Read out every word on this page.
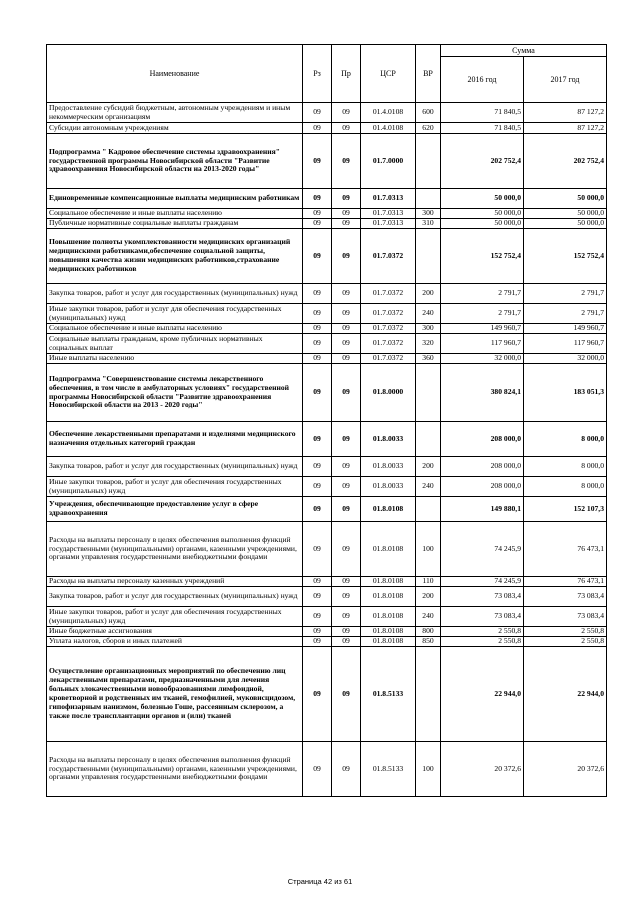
Наименование	Рз	Пр	ЦСР	ВР	Сумма	
					2016 год	2017 год
Предоставление субсидий бюджетным, автономным учреждениям и иным некоммерческим организациям	09	09	01.4.0108	600	71 840,5	87 127,2
Субсидии автономным учреждениям	09	09	01.4.0108	620	71 840,5	87 127,2
Подпрограмма " Кадровое обеспечение системы здравоохранения" государственной программы Новосибирской области "Развитие здравоохранения Новосибирской области на 2013-2020 годы"	09	09	01.7.0000		202 752,4	202 752,4
Единовременные компенсационные выплаты медицинским работникам	09	09	01.7.0313		50 000,0	50 000,0
Социальное обеспечение и иные выплаты населению	09	09	01.7.0313	300	50 000,0	50 000,0
Публичные нормативные социальные выплаты гражданам	09	09	01.7.0313	310	50 000,0	50 000,0
Повышение полноты укомплектованности медицинских организаций медицинскими работниками,обеспечение социальной защиты, повышения качества жизни медицинских работников,страхование медицинских работников	09	09	01.7.0372		152 752,4	152 752,4
Закупка товаров, работ и услуг для государственных (муниципальных) нужд	09	09	01.7.0372	200	2 791,7	2 791,7
Иные закупки товаров, работ и услуг для обеспечения государственных (муниципальных) нужд	09	09	01.7.0372	240	2 791,7	2 791,7
Социальное обеспечение и иные выплаты населению	09	09	01.7.0372	300	149 960,7	149 960,7
Социальные выплаты гражданам, кроме публичных нормативных социальных выплат	09	09	01.7.0372	320	117 960,7	117 960,7
Иные выплаты населению	09	09	01.7.0372	360	32 000,0	32 000,0
Подпрограмма "Совершенствование системы лекарственного обеспечения, в том числе в амбулаторных условиях" государственной программы Новосибирской области "Развитие здравоохранения Новосибирской области на 2013 - 2020 годы"	09	09	01.8.0000		380 824,1	183 051,3
Обеспечение лекарственными препаратами и изделиями медицинского назначения отдельных категорий граждан	09	09	01.8.0033		208 000,0	8 000,0
Закупка товаров, работ и услуг для государственных (муниципальных) нужд	09	09	01.8.0033	200	208 000,0	8 000,0
Иные закупки товаров, работ и услуг для обеспечения государственных (муниципальных) нужд	09	09	01.8.0033	240	208 000,0	8 000,0
Учреждения, обеспечивающие предоставление услуг в сфере здравоохранения	09	09	01.8.0108		149 880,1	152 107,3
Расходы на выплаты персоналу в целях обеспечения выполнения функций государственными (муниципальными) органами, казенными учреждениями, органами управления государственными внебюджетными фондами	09	09	01.8.0108	100	74 245,9	76 473,1
Расходы на выплаты персоналу казенных учреждений	09	09	01.8.0108	110	74 245,9	76 473,1
Закупка товаров, работ и услуг для государственных (муниципальных) нужд	09	09	01.8.0108	200	73 083,4	73 083,4
Иные закупки товаров, работ и услуг для обеспечения государственных (муниципальных) нужд	09	09	01.8.0108	240	73 083,4	73 083,4
Иные бюджетные ассигнования	09	09	01.8.0108	800	2 550,8	2 550,8
Уплата налогов, сборов и иных платежей	09	09	01.8.0108	850	2 550,8	2 550,8
Осуществление организационных мероприятий по обеспечению лиц лекарственными препаратами, предназначенными для лечения больных злокачественными новообразованиями лимфоидной, кроветворной и родственных им тканей, гемофилией, муковисцидозом, гипофизарным нанизмом, болезнью Гоше, рассеянным склерозом, а также после трансплантации органов и (или) тканей	09	09	01.8.5133		22 944,0	22 944,0
Расходы на выплаты персоналу в целях обеспечения выполнения функций государственными (муниципальными) органами, казенными учреждениями, органами управления государственными внебюджетными фондами	09	09	01.8.5133	100	20 372,6	20 372,6
Страница 42 из 61
